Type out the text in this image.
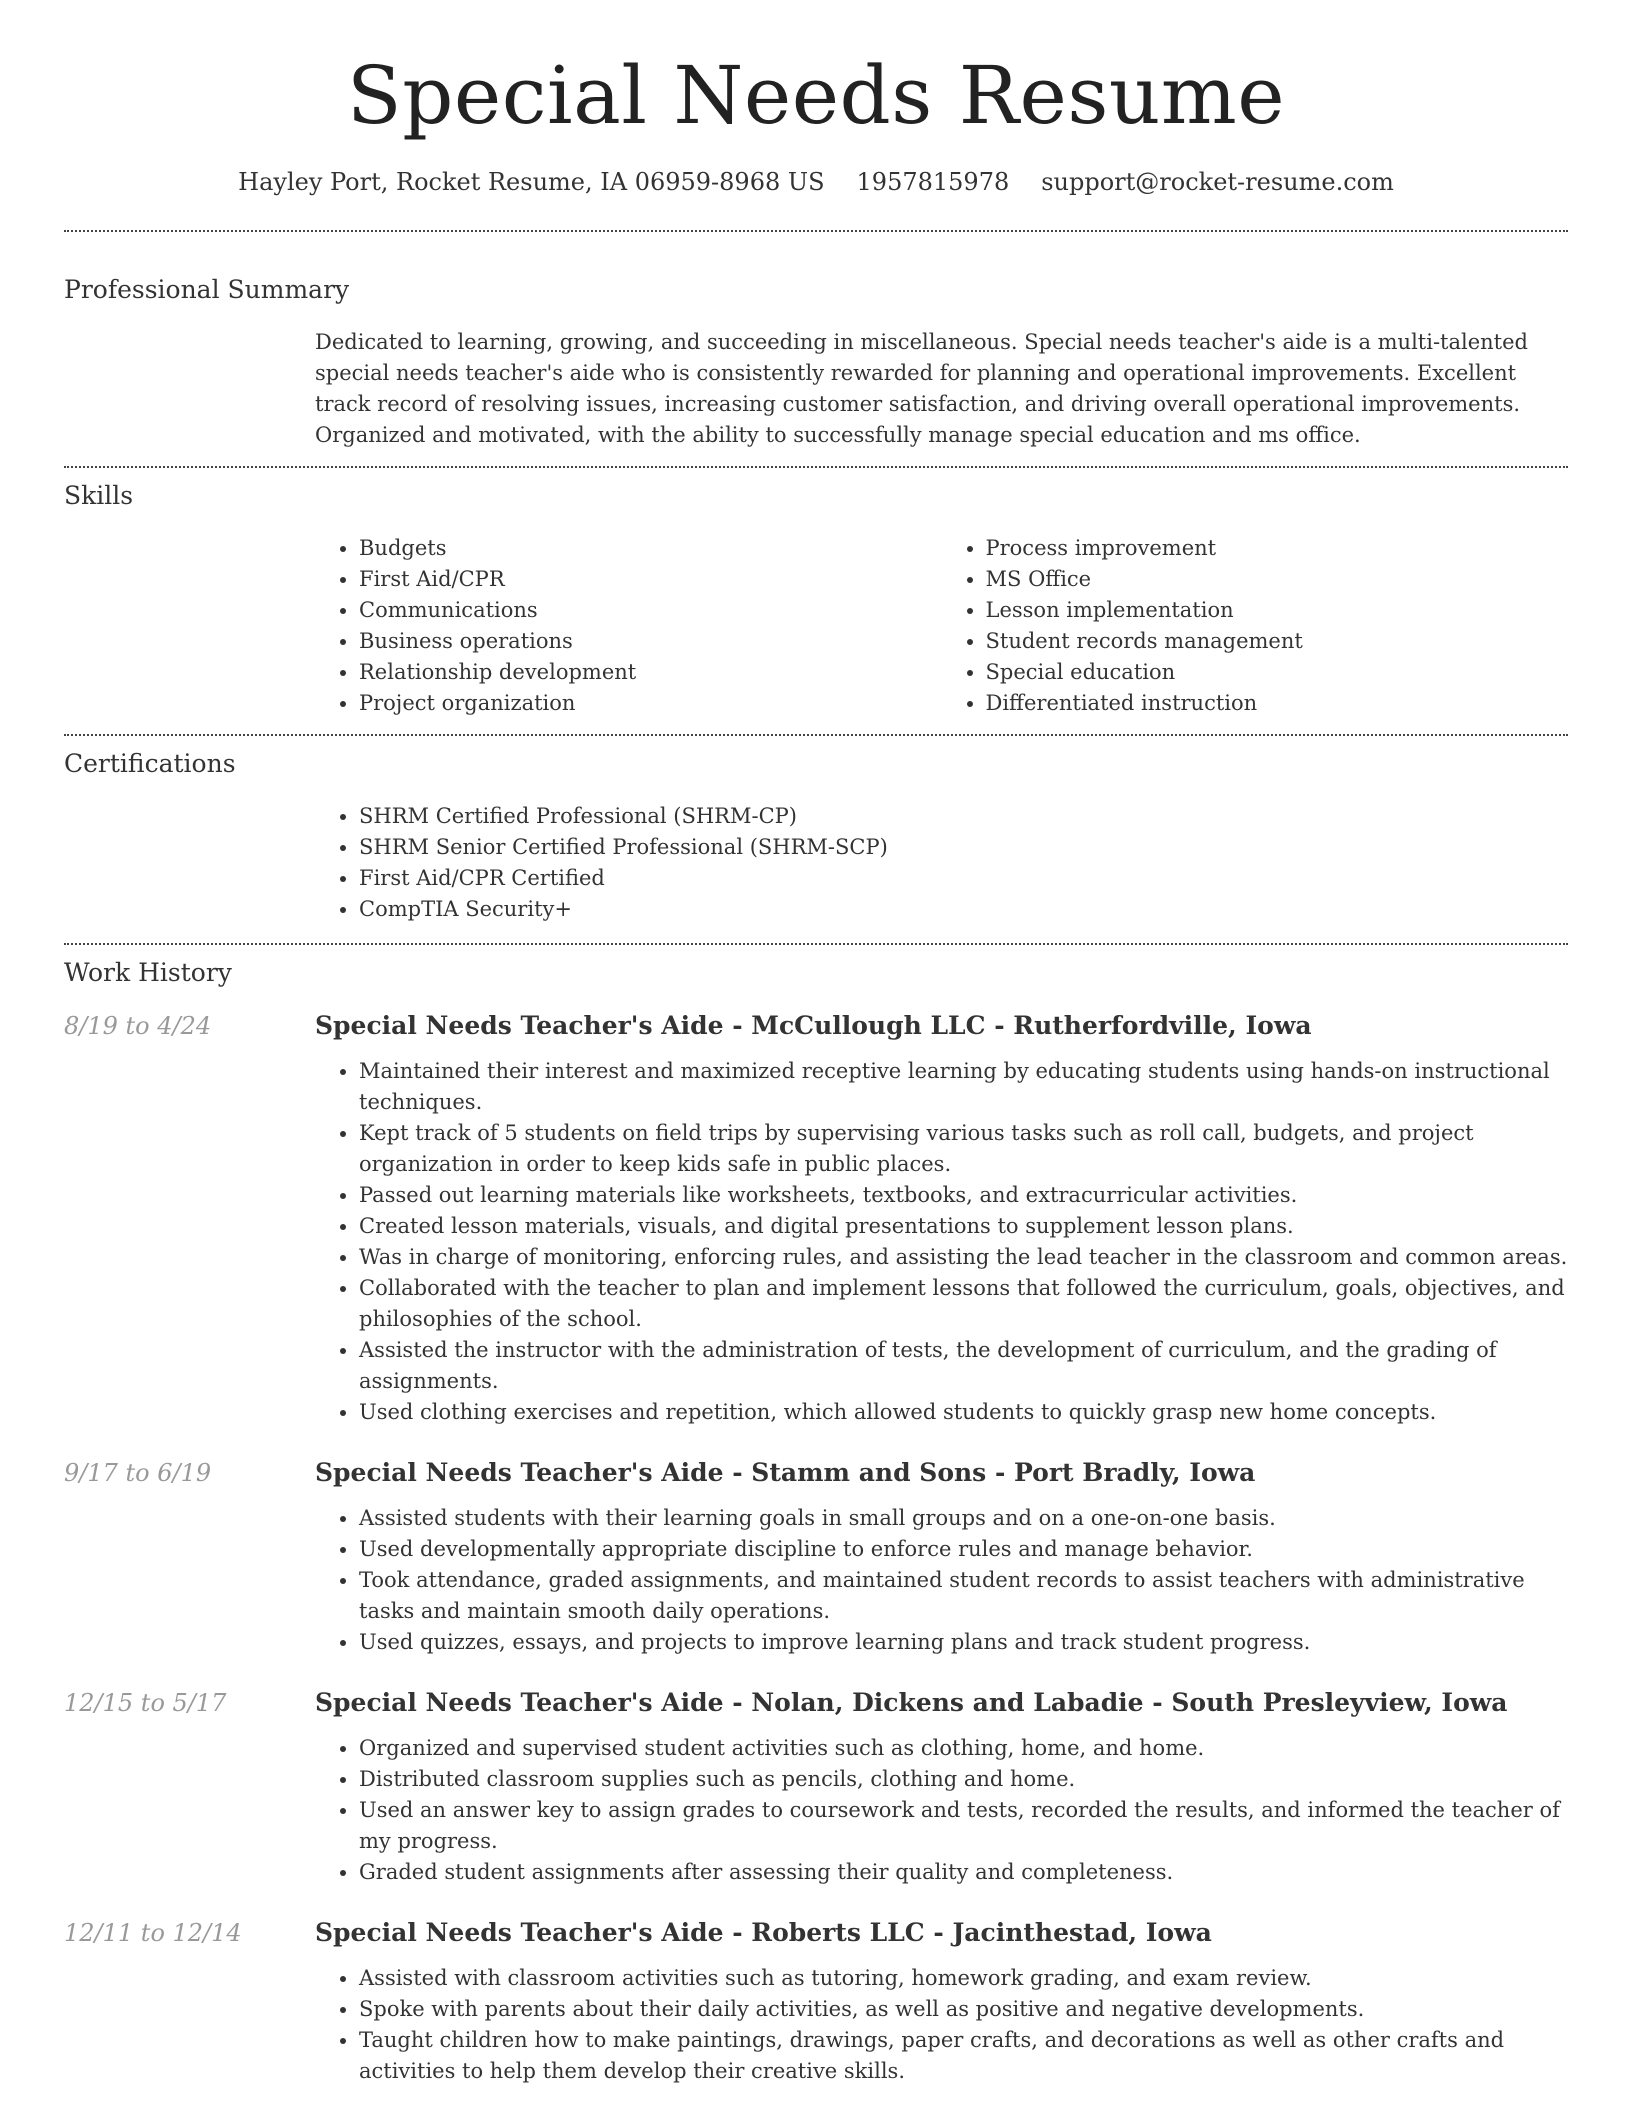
Special Needs Resume
Hayley Port, Rocket Resume, IA 06959-8968 US 1957815978 support@rocket-resume.com
Professional Summary

Dedicated to learning, growing, and succeeding in miscellaneous. Special needs teacher's aide is a multi-talented special needs teacher's aide who is consistently rewarded for planning and operational improvements. Excellent track record of resolving issues, increasing customer satisfaction, and driving overall operational improvements. Organized and motivated, with the ability to successfully manage special education and ms office.

Skills
• Budgets
• First Aid/CPR
• Communications
• Business operations
• Relationship development
• Project organization
• Process improvement
• MS Office
• Lesson implementation
• Student records management
• Special education
• Differentiated instruction
Certifications
• SHRM Certified Professional (SHRM-CP)
• SHRM Senior Certified Professional (SHRM-SCP)
• First Aid/CPR Certified
• CompTIA Security+
Work History
8/19 to 4/24	Special Needs Teacher's Aide - McCullough LLC - Rutherfordville, Iowa
• Maintained their interest and maximized receptive learning by educating students using hands-on instructional techniques.
• Kept track of 5 students on field trips by supervising various tasks such as roll call, budgets, and project organization in order to keep kids safe in public places.
• Passed out learning materials like worksheets, textbooks, and extracurricular activities.
• Created lesson materials, visuals, and digital presentations to supplement lesson plans.
• Was in charge of monitoring, enforcing rules, and assisting the lead teacher in the classroom and common areas.
• Collaborated with the teacher to plan and implement lessons that followed the curriculum, goals, objectives, and philosophies of the school.
• Assisted the instructor with the administration of tests, the development of curriculum, and the grading of assignments.
• Used clothing exercises and repetition, which allowed students to quickly grasp new home concepts.
9/17 to 6/19	Special Needs Teacher's Aide - Stamm and Sons - Port Bradly, Iowa
• Assisted students with their learning goals in small groups and on a one-on-one basis.
• Used developmentally appropriate discipline to enforce rules and manage behavior.
• Took attendance, graded assignments, and maintained student records to assist teachers with administrative tasks and maintain smooth daily operations.
• Used quizzes, essays, and projects to improve learning plans and track student progress.
12/15 to 5/17	Special Needs Teacher's Aide - Nolan, Dickens and Labadie - South Presleyview, Iowa
• Organized and supervised student activities such as clothing, home, and home.
• Distributed classroom supplies such as pencils, clothing and home.
• Used an answer key to assign grades to coursework and tests, recorded the results, and informed the teacher of my progress.
• Graded student assignments after assessing their quality and completeness.
12/11 to 12/14	Special Needs Teacher's Aide - Roberts LLC - Jacinthestad, Iowa
• Assisted with classroom activities such as tutoring, homework grading, and exam review.
• Spoke with parents about their daily activities, as well as positive and negative developments.
• Taught children how to make paintings, drawings, paper crafts, and decorations as well as other crafts and activities to help them develop their creative skills.
